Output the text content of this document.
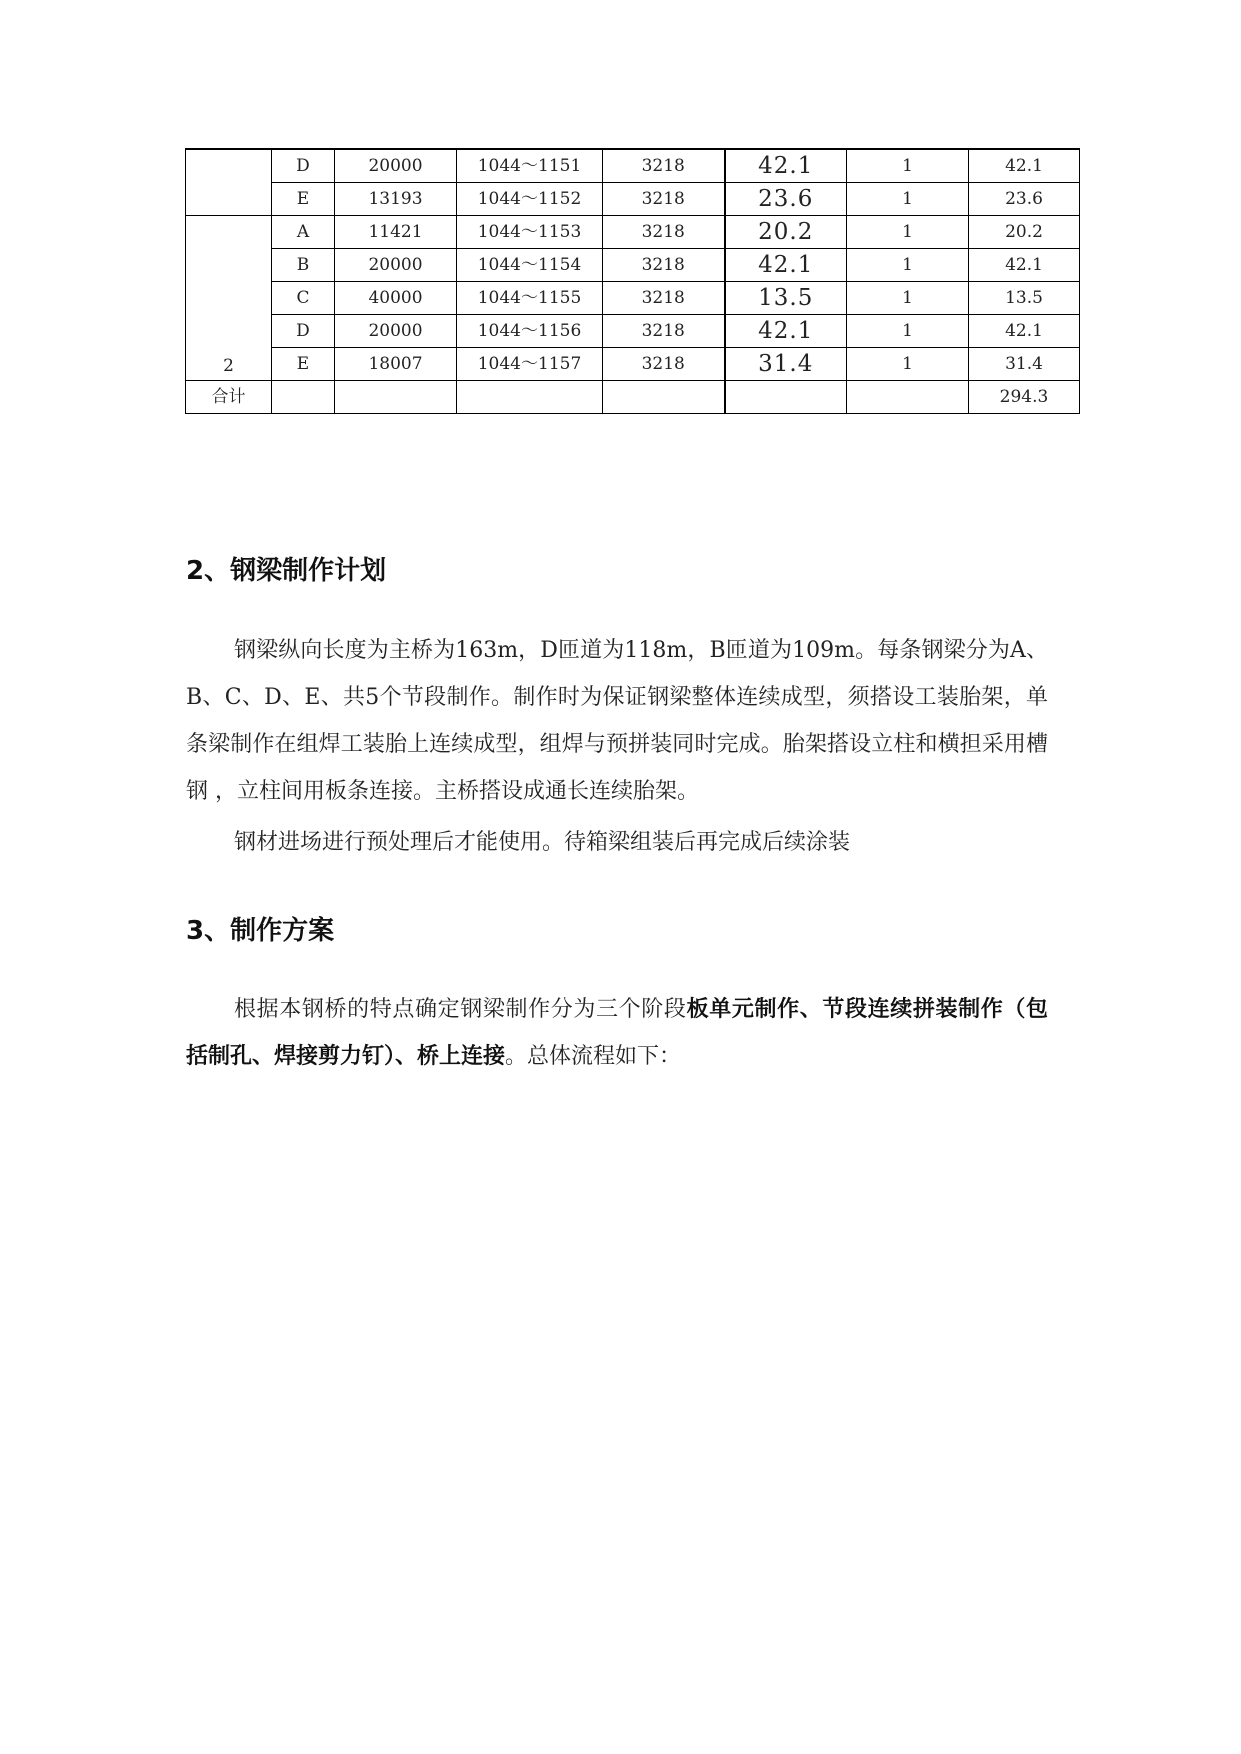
	D	20000	1044～1151	3218	42.1	1	42.1
	E	13193	1044～1152	3218	23.6	1	23.6
2	A	11421	1044～1153	3218	20.2	1	20.2
	B	20000	1044～1154	3218	42.1	1	42.1
	C	40000	1044～1155	3218	13.5	1	13.5
	D	20000	1044～1156	3218	42.1	1	42.1
	E	18007	1044～1157	3218	31.4	1	31.4
合计							294.3
2、钢梁制作计划

钢梁纵向长度为主桥为163m，D匝道为118m，B匝道为109m。每条钢梁分为A、B、C、D、E、共5个节段制作。制作时为保证钢梁整体连续成型，须搭设工装胎架，单条梁制作在组焊工装胎上连续成型，组焊与预拼装同时完成。胎架搭设立柱和横担采用槽钢 ，立柱间用板条连接。主桥搭设成通长连续胎架。

钢材进场进行预处理后才能使用。待箱梁组装后再完成后续涂装

3、制作方案

根据本钢桥的特点确定钢梁制作分为三个阶段板单元制作、节段连续拼装制作（包括制孔、焊接剪力钉）、桥上连接。总体流程如下：
